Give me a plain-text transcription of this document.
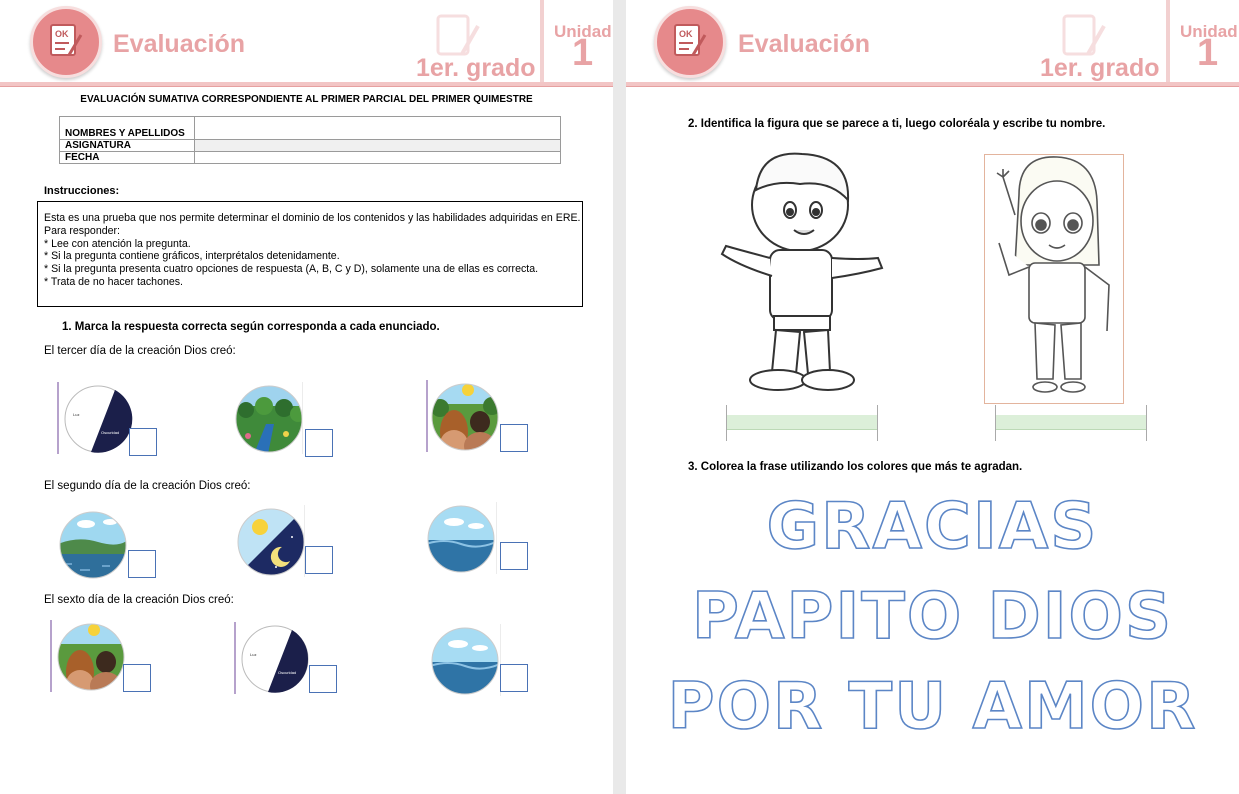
OK Evaluación
1er. grado
Unidad
1
EVALUACIÓN SUMATIVA CORRESPONDIENTE AL PRIMER PARCIAL DEL PRIMER QUIMESTRE
NOMBRES Y APELLIDOS	
ASIGNATURA	
FECHA	
Instrucciones:
Esta es una prueba que nos permite determinar el dominio de los contenidos y las habilidades adquiridas en ERE.
Para responder:
* Lee con atención la pregunta.
* Si la pregunta contiene gráficos, interprétalos detenidamente.
* Si la pregunta presenta cuatro opciones de respuesta (A, B, C y D), solamente una de ellas es correcta.
* Trata de no hacer tachones.
1. Marca la respuesta correcta según corresponda a cada enunciado.
El tercer día de la creación Dios creó:
El segundo día de la creación Dios creó:
El sexto día de la creación Dios creó:
Luz
Oscuridad
Luz
Oscuridad
OK Evaluación
1er. grado
Unidad
1
2. Identifica la figura que se parece a ti, luego coloréala y escribe tu nombre.
3. Colorea la frase utilizando los colores que más te agradan.
GRACIAS
PAPITO DIOS
POR TU AMOR
